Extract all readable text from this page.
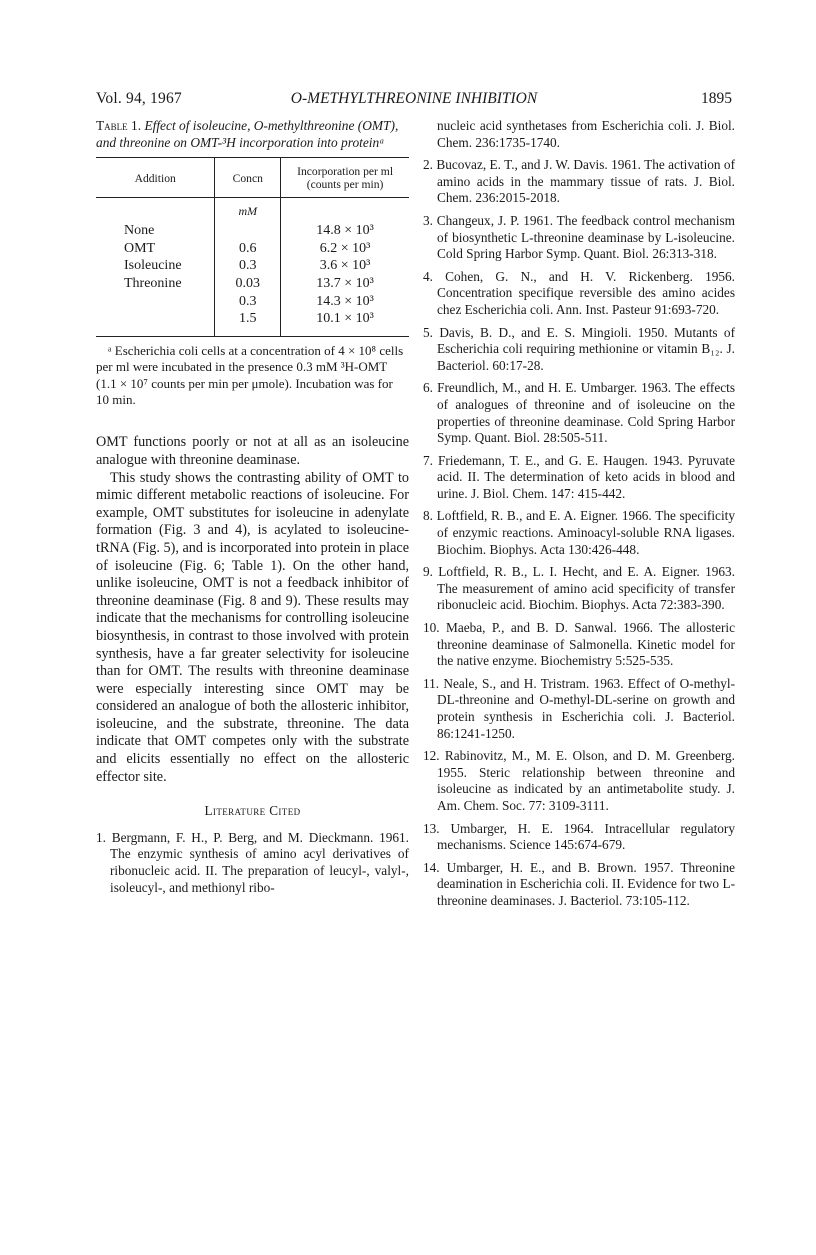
Vol. 94, 1967	O-METHYLTHREONINE INHIBITION	1895
Table 1. Effect of isoleucine, O-methylthreonine (OMT), and threonine on OMT-³H incorporation into proteinᵃ
Addition	Concn	Incorporation per ml (counts per min)
	mM	
None		14.8 × 10³
OMT	0.6	6.2 × 10³
Isoleucine	0.3	3.6 × 10³
Threonine	0.03	13.7 × 10³
	0.3	14.3 × 10³
	1.5	10.1 × 10³

ᵃ Escherichia coli cells at a concentration of 4 × 10⁸ cells per ml were incubated in the presence 0.3 mM ³H-OMT (1.1 × 10⁷ counts per min per μmole). Incubation was for 10 min.

OMT functions poorly or not at all as an isoleucine analogue with threonine deaminase.

This study shows the contrasting ability of OMT to mimic different metabolic reactions of isoleucine. For example, OMT substitutes for isoleucine in adenylate formation (Fig. 3 and 4), is acylated to isoleucine-tRNA (Fig. 5), and is incorporated into protein in place of isoleucine (Fig. 6; Table 1). On the other hand, unlike isoleucine, OMT is not a feedback inhibitor of threonine deaminase (Fig. 8 and 9). These results may indicate that the mechanisms for controlling isoleucine biosynthesis, in contrast to those involved with protein synthesis, have a far greater selectivity for isoleucine than for OMT. The results with threonine deaminase were especially interesting since OMT may be considered an analogue of both the allosteric inhibitor, isoleucine, and the substrate, threonine. The data indicate that OMT competes only with the substrate and elicits essentially no effect on the allosteric effector site.

Literature Cited

1. Bergmann, F. H., P. Berg, and M. Dieckmann. 1961. The enzymic synthesis of amino acyl derivatives of ribonucleic acid. II. The preparation of leucyl-, valyl-, isoleucyl-, and methionyl ribo-

nucleic acid synthetases from Escherichia coli. J. Biol. Chem. 236:1735-1740.

2. Bucovaz, E. T., and J. W. Davis. 1961. The activation of amino acids in the mammary tissue of rats. J. Biol. Chem. 236:2015-2018.

3. Changeux, J. P. 1961. The feedback control mechanism of biosynthetic L-threonine deaminase by L-isoleucine. Cold Spring Harbor Symp. Quant. Biol. 26:313-318.

4. Cohen, G. N., and H. V. Rickenberg. 1956. Concentration specifique reversible des amino acides chez Escherichia coli. Ann. Inst. Pasteur 91:693-720.

5. Davis, B. D., and E. S. Mingioli. 1950. Mutants of Escherichia coli requiring methionine or vitamin B₁₂. J. Bacteriol. 60:17-28.

6. Freundlich, M., and H. E. Umbarger. 1963. The effects of analogues of threonine and of isoleucine on the properties of threonine deaminase. Cold Spring Harbor Symp. Quant. Biol. 28:505-511.

7. Friedemann, T. E., and G. E. Haugen. 1943. Pyruvate acid. II. The determination of keto acids in blood and urine. J. Biol. Chem. 147: 415-442.

8. Loftfield, R. B., and E. A. Eigner. 1966. The specificity of enzymic reactions. Aminoacyl-soluble RNA ligases. Biochim. Biophys. Acta 130:426-448.

9. Loftfield, R. B., L. I. Hecht, and E. A. Eigner. 1963. The measurement of amino acid specificity of transfer ribonucleic acid. Biochim. Biophys. Acta 72:383-390.

10. Maeba, P., and B. D. Sanwal. 1966. The allosteric threonine deaminase of Salmonella. Kinetic model for the native enzyme. Biochemistry 5:525-535.

11. Neale, S., and H. Tristram. 1963. Effect of O-methyl-DL-threonine and O-methyl-DL-serine on growth and protein synthesis in Escherichia coli. J. Bacteriol. 86:1241-1250.

12. Rabinovitz, M., M. E. Olson, and D. M. Greenberg. 1955. Steric relationship between threonine and isoleucine as indicated by an antimetabolite study. J. Am. Chem. Soc. 77: 3109-3111.

13. Umbarger, H. E. 1964. Intracellular regulatory mechanisms. Science 145:674-679.

14. Umbarger, H. E., and B. Brown. 1957. Threonine deamination in Escherichia coli. II. Evidence for two L-threonine deaminases. J. Bacteriol. 73:105-112.
